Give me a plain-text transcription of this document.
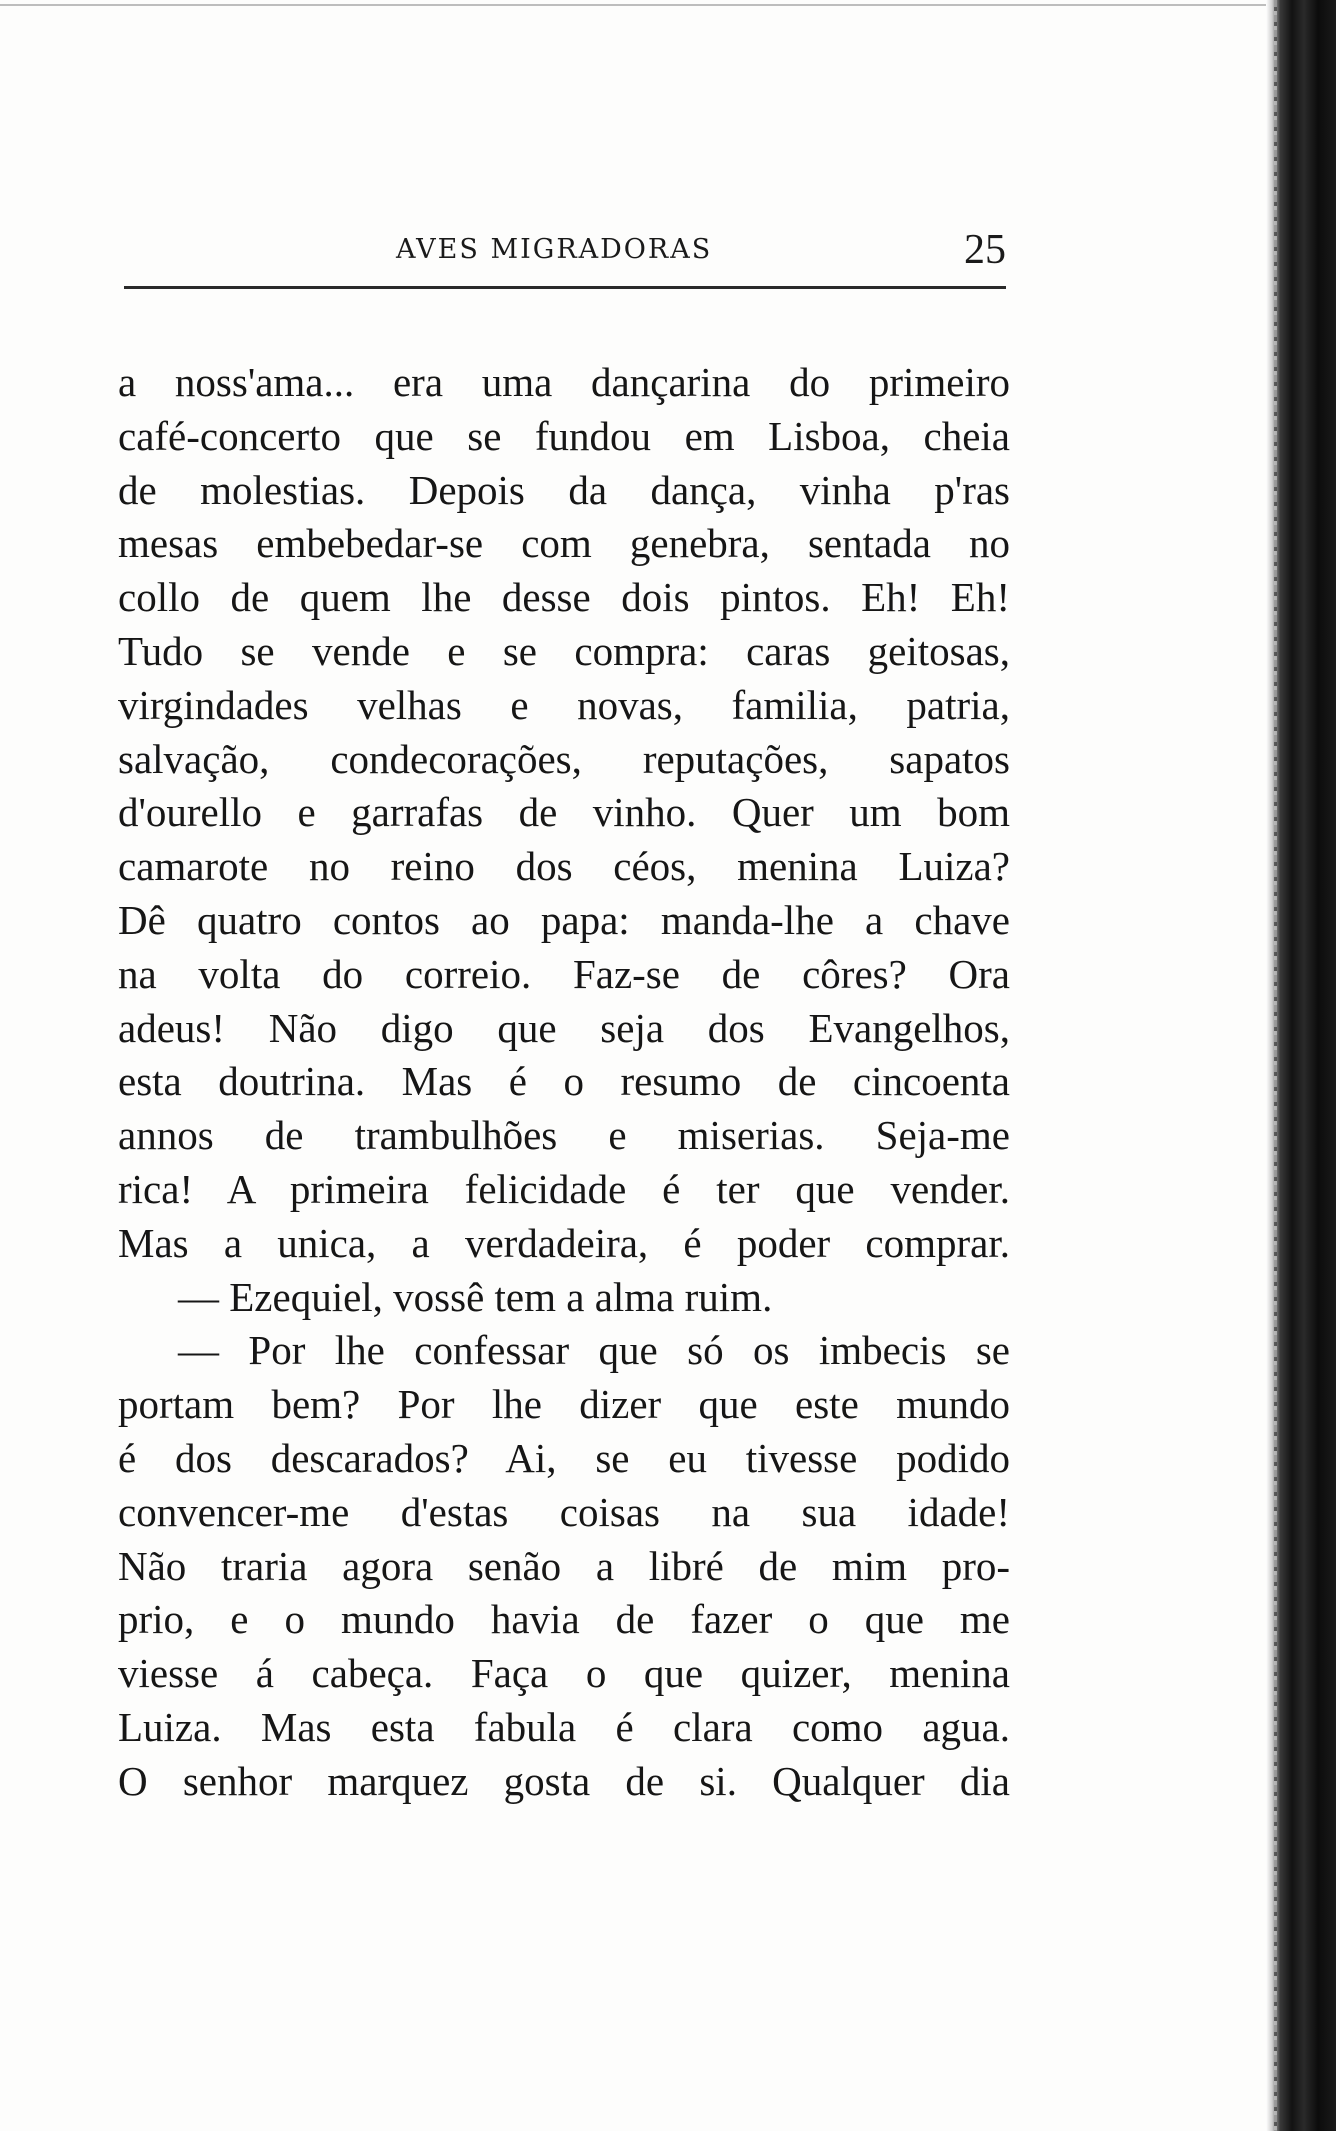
AVES MIGRADORAS	25
a noss'ama... era uma dançarina do primeiro
café-concerto que se fundou em Lisboa, cheia
de molestias. Depois da dança, vinha p'ras
mesas embebedar-se com genebra, sentada no
collo de quem lhe desse dois pintos. Eh! Eh!
Tudo se vende e se compra: caras geitosas,
virgindades velhas e novas, familia, patria,
salvação, condecorações, reputações, sapatos
d'ourello e garrafas de vinho. Quer um bom
camarote no reino dos céos, menina Luiza?
Dê quatro contos ao papa: manda-lhe a chave
na volta do correio. Faz-se de côres? Ora
adeus! Não digo que seja dos Evangelhos,
esta doutrina. Mas é o resumo de cincoenta
annos de trambulhões e miserias. Seja-me
rica! A primeira felicidade é ter que vender.
Mas a unica, a verdadeira, é poder comprar.
— Ezequiel, vossê tem a alma ruim.
— Por lhe confessar que só os imbecis se
portam bem? Por lhe dizer que este mundo
é dos descarados? Ai, se eu tivesse podido
convencer-me d'estas coisas na sua idade!
Não traria agora senão a libré de mim pro-
prio, e o mundo havia de fazer o que me
viesse á cabeça. Faça o que quizer, menina
Luiza. Mas esta fabula é clara como agua.
O senhor marquez gosta de si. Qualquer dia
